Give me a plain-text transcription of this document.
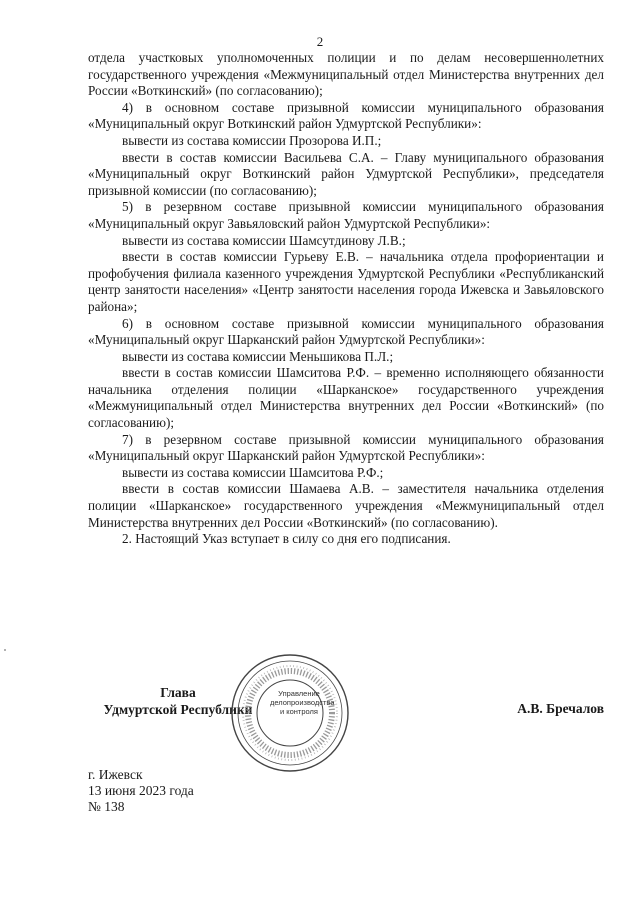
2

отдела участковых уполномоченных полиции и по делам несовершеннолетних государственного учреждения «Межмуниципальный отдел Министерства внутренних дел России «Воткинский» (по согласованию);

4) в основном составе призывной комиссии муниципального образования «Муниципальный округ Воткинский район Удмуртской Республики»:

вывести из состава комиссии Прозорова И.П.;

ввести в состав комиссии Васильева С.А. – Главу муниципального образования «Муниципальный округ Воткинский район Удмуртской Республики», председателя призывной комиссии (по согласованию);

5) в резервном составе призывной комиссии муниципального образования «Муниципальный округ Завьяловский район Удмуртской Республики»:

вывести из состава комиссии Шамсутдинову Л.В.;

ввести в состав комиссии Гурьеву Е.В. – начальника отдела профориентации и профобучения филиала казенного учреждения Удмуртской Республики «Республиканский центр занятости населения» «Центр занятости населения города Ижевска и Завьяловского района»;

6) в основном составе призывной комиссии муниципального образования «Муниципальный округ Шарканский район Удмуртской Республики»:

вывести из состава комиссии Меньшикова П.Л.;

ввести в состав комиссии Шамситова Р.Ф. – временно исполняющего обязанности начальника отделения полиции «Шарканское» государственного учреждения «Межмуниципальный отдел Министерства внутренних дел России «Воткинский» (по согласованию);

7) в резервном составе призывной комиссии муниципального образования «Муниципальный округ Шарканский район Удмуртской Республики»:

вывести из состава комиссии Шамситова Р.Ф.;

ввести в состав комиссии Шамаева А.В. – заместителя начальника отделения полиции «Шарканское» государственного учреждения «Межмуниципальный отдел Министерства внутренних дел России «Воткинский» (по согласованию).

2. Настоящий Указ вступает в силу со дня его подписания.

Глава
Удмуртской Республики	А.В. Бречалов
Управление
делопроизводства
и контроля
г. Ижевск
13 июня 2023 года
№ 138
